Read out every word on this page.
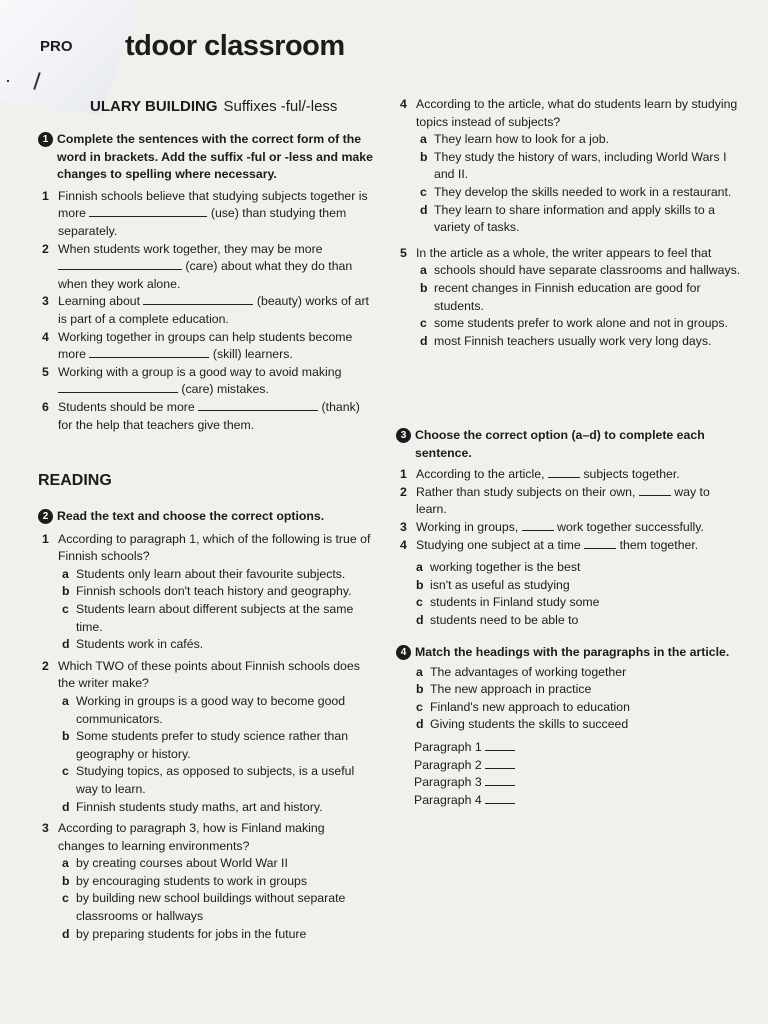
PRO tdoor classroom
ULARY BUILDING Suffixes -ful/-less
1 Complete the sentences with the correct form of the word in brackets. Add the suffix -ful or -less and make changes to spelling where necessary.
1 Finnish schools believe that studying subjects together is more	(use) than studying them separately.
2 When students work together, they may be more  (care) about what they do than when they work alone.
3 Learning about	(beauty) works of art is part of a complete education.
4 Working together in groups can help students become more	(skill) learners.
5 Working with a group is a good way to avoid making  (care) mistakes.
6 Students should be more	(thank) for the help that teachers give them.
READING
2 Read the text and choose the correct options.
1 According to paragraph 1, which of the following is true of Finnish schools?
a Students only learn about their favourite subjects.
b Finnish schools don't teach history and geography.
c Students learn about different subjects at the same time.
d Students work in cafés.
2 Which TWO of these points about Finnish schools does the writer make?
a Working in groups is a good way to become good communicators.
b Some students prefer to study science rather than geography or history.
c Studying topics, as opposed to subjects, is a useful way to learn.
d Finnish students study maths, art and history.
3 According to paragraph 3, how is Finland making changes to learning environments?
a by creating courses about World War II
b by encouraging students to work in groups
c by building new school buildings without separate classrooms or hallways
d by preparing students for jobs in the future
4 According to the article, what do students learn by studying topics instead of subjects?
a They learn how to look for a job.
b They study the history of wars, including World Wars I and II.
c They develop the skills needed to work in a restaurant.
d They learn to share information and apply skills to a variety of tasks.
5 In the article as a whole, the writer appears to feel that
a schools should have separate classrooms and hallways.
b recent changes in Finnish education are good for students.
c some students prefer to work alone and not in groups.
d most Finnish teachers usually work very long days.
3 Choose the correct option (a–d) to complete each sentence.
1 According to the article,	subjects together.
2 Rather than study subjects on their own,	way to learn.
3 Working in groups,	work together successfully.
4 Studying one subject at a time	them together.
a working together is the best
b isn't as useful as studying
c students in Finland study some
d students need to be able to
4 Match the headings with the paragraphs in the article.
a The advantages of working together
b The new approach in practice
c Finland's new approach to education
d Giving students the skills to succeed
Paragraph 1
Paragraph 2
Paragraph 3
Paragraph 4
